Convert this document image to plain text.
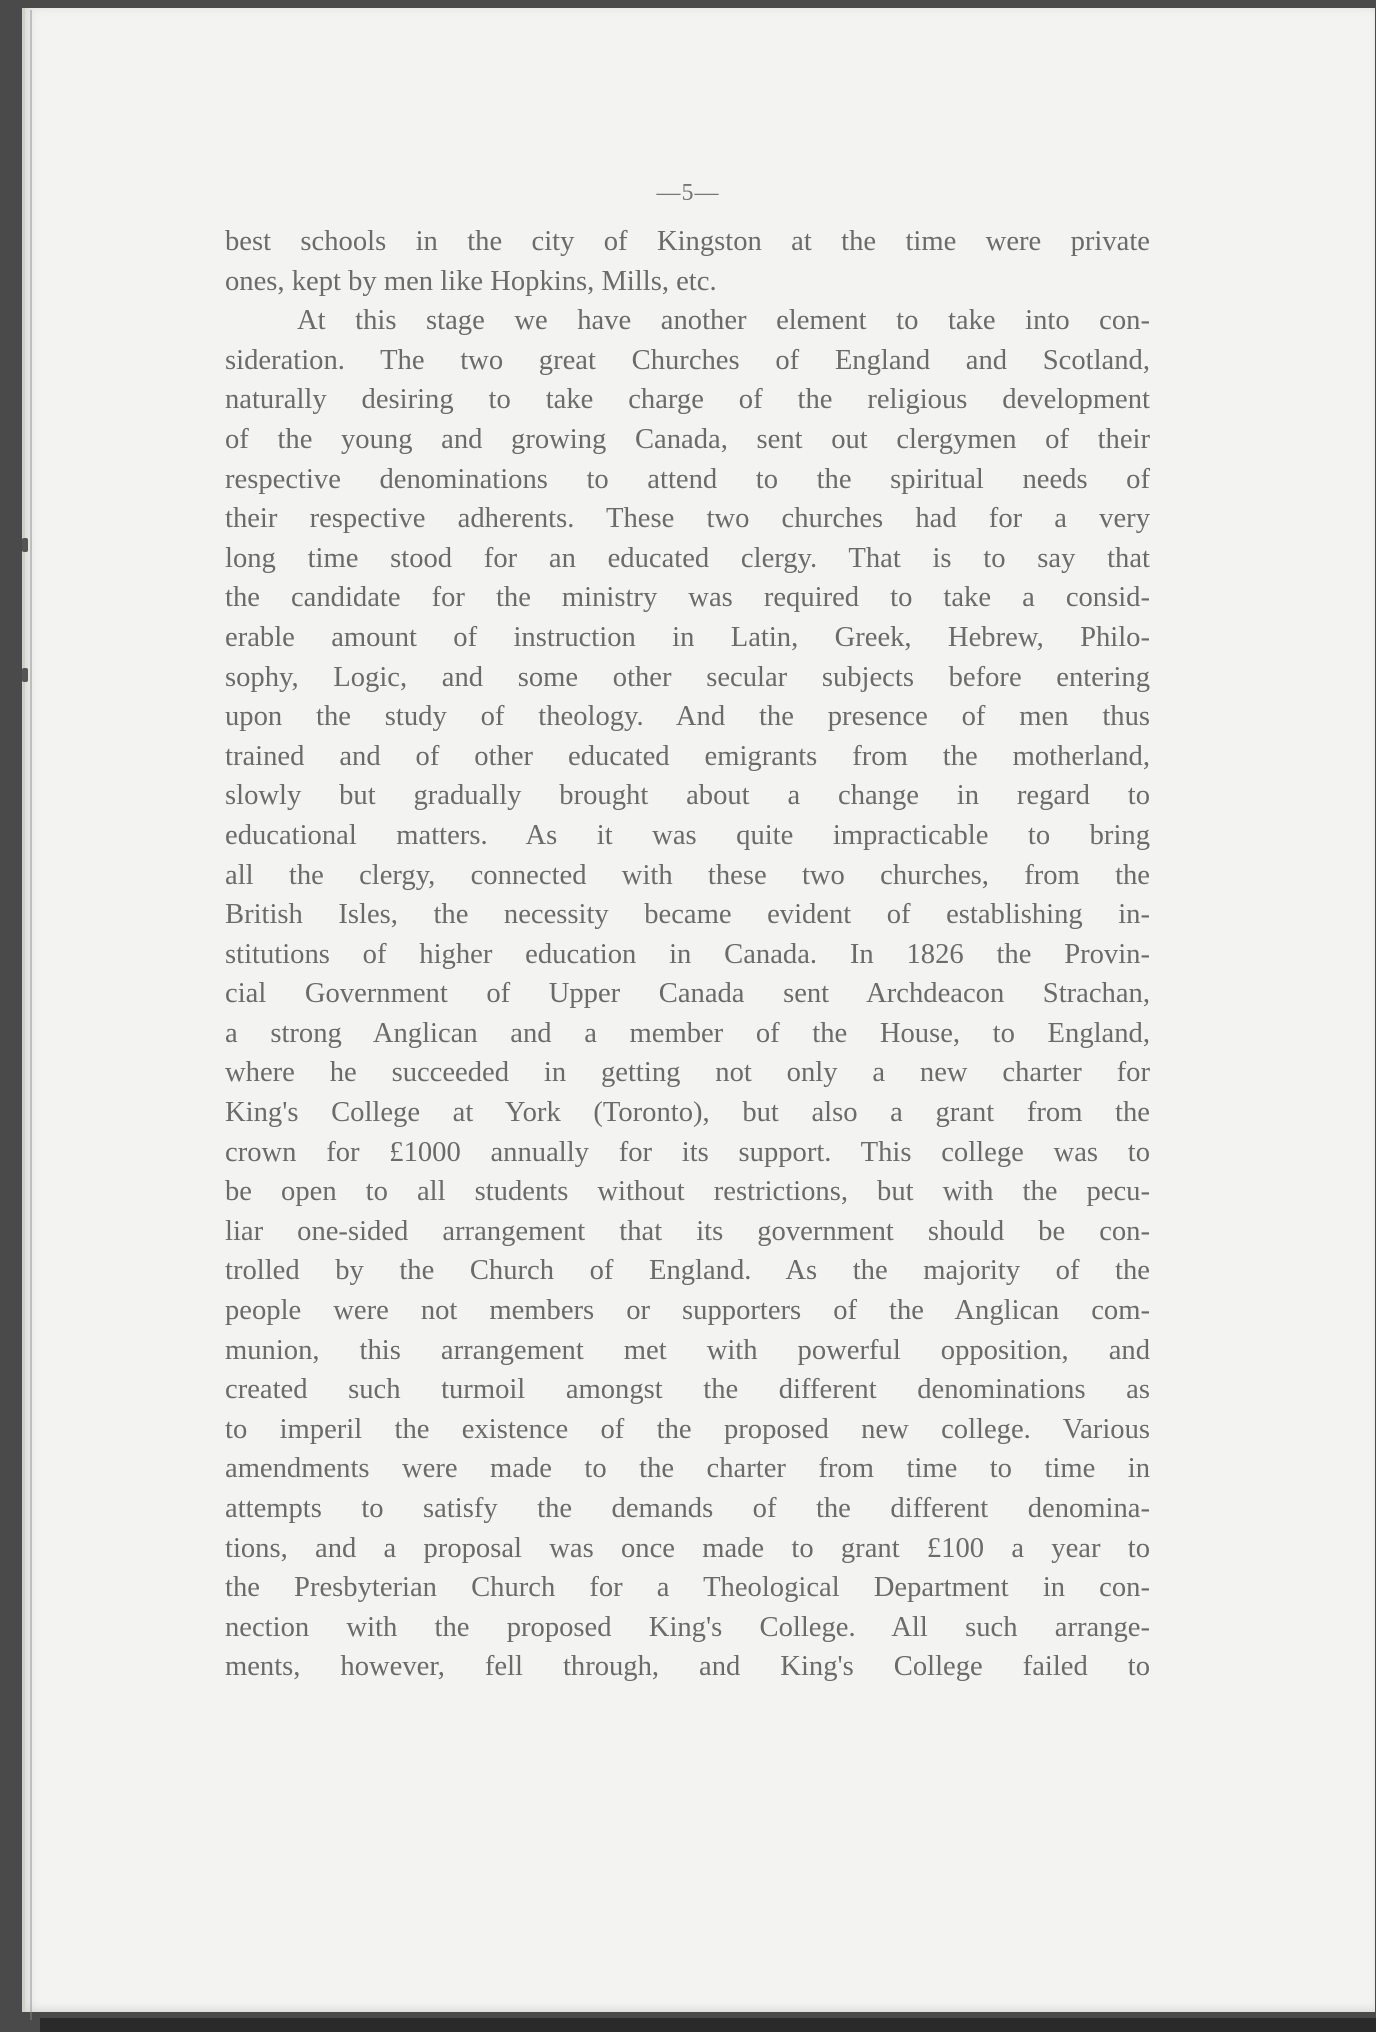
—5—
best schools in the city of Kingston at the time were private
ones, kept by men like Hopkins, Mills, etc.
At this stage we have another element to take into con-
sideration. The two great Churches of England and Scotland,
naturally desiring to take charge of the religious development
of the young and growing Canada, sent out clergymen of their
respective denominations to attend to the spiritual needs of
their respective adherents. These two churches had for a very
long time stood for an educated clergy. That is to say that
the candidate for the ministry was required to take a consid-
erable amount of instruction in Latin, Greek, Hebrew, Philo-
sophy, Logic, and some other secular subjects before entering
upon the study of theology. And the presence of men thus
trained and of other educated emigrants from the motherland,
slowly but gradually brought about a change in regard to
educational matters. As it was quite impracticable to bring
all the clergy, connected with these two churches, from the
British Isles, the necessity became evident of establishing in-
stitutions of higher education in Canada. In 1826 the Provin-
cial Government of Upper Canada sent Archdeacon Strachan,
a strong Anglican and a member of the House, to England,
where he succeeded in getting not only a new charter for
King's College at York (Toronto), but also a grant from the
crown for £1000 annually for its support. This college was to
be open to all students without restrictions, but with the pecu-
liar one-sided arrangement that its government should be con-
trolled by the Church of England. As the majority of the
people were not members or supporters of the Anglican com-
munion, this arrangement met with powerful opposition, and
created such turmoil amongst the different denominations as
to imperil the existence of the proposed new college. Various
amendments were made to the charter from time to time in
attempts to satisfy the demands of the different denomina-
tions, and a proposal was once made to grant £100 a year to
the Presbyterian Church for a Theological Department in con-
nection with the proposed King's College. All such arrange-
ments, however, fell through, and King's College failed to
